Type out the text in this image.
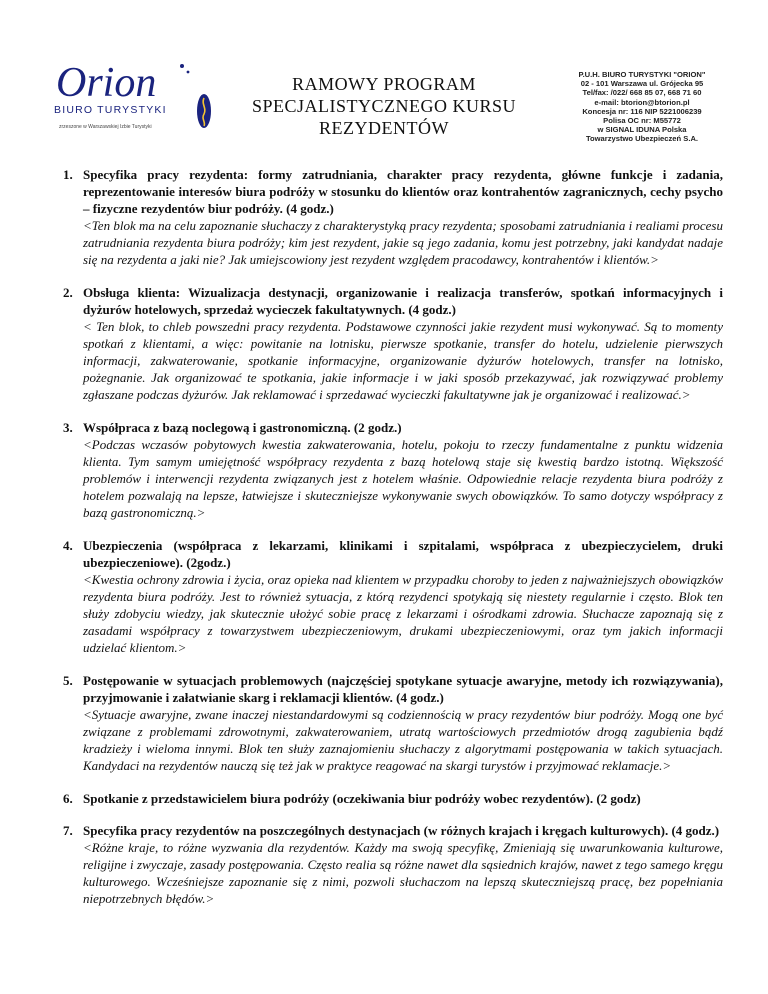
Orion
BIURO TURYSTYKI
zrzeszone w Warszawskiej Izbie Turystyki
RAMOWY PROGRAM
SPECJALISTYCZNEGO KURSU
REZYDENTÓW
P.U.H. BIURO TURYSTYKI "ORION"
02 - 101 Warszawa ul. Grójecka 95
Tel/fax: /022/ 668 85 07, 668 71 60
e-mail: btorion@btorion.pl
Koncesja nr: 116 NIP 5221006239
Polisa OC nr: M55772
w SIGNAL IDUNA Polska
Towarzystwo Ubezpieczeń S.A.
1. Specyfika pracy rezydenta: formy zatrudniania, charakter pracy rezydenta, główne funkcje i zadania, reprezentowanie interesów biura podróży w stosunku do klientów oraz kontrahentów zagranicznych, cechy psycho – fizyczne rezydentów biur podróży. (4 godz.)
<Ten blok ma na celu zapoznanie słuchaczy z charakterystyką pracy rezydenta; sposobami zatrudniania i realiami procesu zatrudniania rezydenta biura podróży; kim jest rezydent, jakie są jego zadania, komu jest potrzebny, jaki kandydat nadaje się na rezydenta a jaki nie? Jak umiejscowiony jest rezydent względem pracodawcy, kontrahentów i klientów.>
2. Obsługa klienta: Wizualizacja destynacji, organizowanie i realizacja transferów, spotkań informacyjnych i dyżurów hotelowych, sprzedaż wycieczek fakultatywnych. (4 godz.)
< Ten blok, to chleb powszedni pracy rezydenta. Podstawowe czynności jakie rezydent musi wykonywać. Są to momenty spotkań z klientami, a więc: powitanie na lotnisku, pierwsze spotkanie, transfer do hotelu, udzielenie pierwszych informacji, zakwaterowanie, spotkanie informacyjne, organizowanie dyżurów hotelowych, transfer na lotnisko, pożegnanie. Jak organizować te spotkania, jakie informacje i w jaki sposób przekazywać, jak rozwiązywać problemy zgłaszane podczas dyżurów. Jak reklamować i sprzedawać wycieczki fakultatywne jak je organizować i realizować.>
3. Współpraca z bazą noclegową i gastronomiczną. (2 godz.)
<Podczas wczasów pobytowych kwestia zakwaterowania, hotelu, pokoju to rzeczy fundamentalne z punktu widzenia klienta. Tym samym umiejętność współpracy rezydenta z bazą hotelową staje się kwestią bardzo istotną. Większość problemów i interwencji rezydenta związanych jest z hotelem właśnie. Odpowiednie relacje rezydenta biura podróży z hotelem pozwalają na lepsze, łatwiejsze i skuteczniejsze wykonywanie swych obowiązków. To samo dotyczy współpracy z bazą gastronomiczną.>
4. Ubezpieczenia (współpraca z lekarzami, klinikami i szpitalami, współpraca z ubezpieczycielem, druki ubezpieczeniowe). (2godz.)
<Kwestia ochrony zdrowia i życia, oraz opieka nad klientem w przypadku choroby to jeden z najważniejszych obowiązków rezydenta biura podróży. Jest to również sytuacja, z którą rezydenci spotykają się niestety regularnie i często. Blok ten służy zdobyciu wiedzy, jak skutecznie ułożyć sobie pracę z lekarzami i ośrodkami zdrowia. Słuchacze zapoznają się z zasadami współpracy z towarzystwem ubezpieczeniowym, drukami ubezpieczeniowymi, oraz tym jakich informacji udzielać klientom.>
5. Postępowanie w sytuacjach problemowych (najczęściej spotykane sytuacje awaryjne, metody ich rozwiązywania), przyjmowanie i załatwianie skarg i reklamacji klientów. (4 godz.)
<Sytuacje awaryjne, zwane inaczej niestandardowymi są codziennością w pracy rezydentów biur podróży. Mogą one być związane z problemami zdrowotnymi, zakwaterowaniem, utratą wartościowych przedmiotów drogą zagubienia bądź kradzieży i wieloma innymi. Blok ten służy zaznajomieniu słuchaczy z algorytmami postępowania w takich sytuacjach. Kandydaci na rezydentów nauczą się też jak w praktyce reagować na skargi turystów i przyjmować reklamacje.>
6. Spotkanie z przedstawicielem biura podróży (oczekiwania biur podróży wobec rezydentów). (2 godz)
7. Specyfika pracy rezydentów na poszczególnych destynacjach (w różnych krajach i kręgach kulturowych). (4 godz.)
<Różne kraje, to różne wyzwania dla rezydentów. Każdy ma swoją specyfikę, Zmieniają się uwarunkowania kulturowe, religijne i zwyczaje, zasady postępowania. Często realia są różne nawet dla sąsiednich krajów, nawet z tego samego kręgu kulturowego. Wcześniejsze zapoznanie się z nimi, pozwoli słuchaczom na lepszą skuteczniejszą pracę, bez popełniania niepotrzebnych błędów.>
